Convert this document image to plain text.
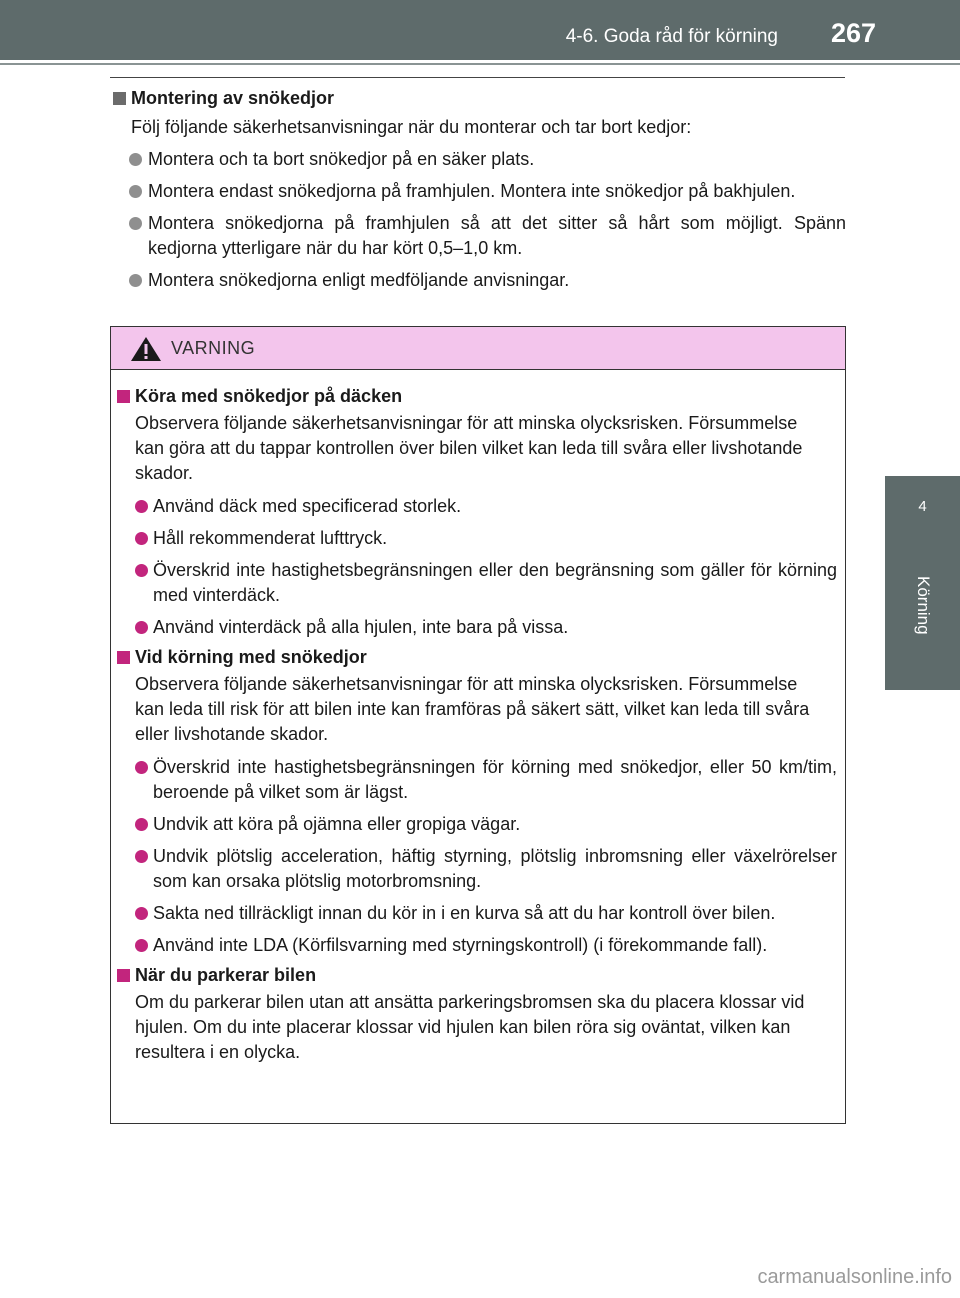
4-6. Goda råd för körning 267
4
Körning
Montering av snökedjor
Följ följande säkerhetsanvisningar när du monterar och tar bort kedjor:
Montera och ta bort snökedjor på en säker plats.
Montera endast snökedjorna på framhjulen. Montera inte snökedjor på bakhjulen.
Montera snökedjorna på framhjulen så att det sitter så hårt som möjligt. Spänn kedjorna ytterligare när du har kört 0,5–1,0 km.
Montera snökedjorna enligt medföljande anvisningar.
VARNING
Köra med snökedjor på däcken
Observera följande säkerhetsanvisningar för att minska olycksrisken. Försummelse kan göra att du tappar kontrollen över bilen vilket kan leda till svåra eller livshotande skador.
Använd däck med specificerad storlek.
Håll rekommenderat lufttryck.
Överskrid inte hastighetsbegränsningen eller den begränsning som gäller för körning med vinterdäck.
Använd vinterdäck på alla hjulen, inte bara på vissa.
Vid körning med snökedjor
Observera följande säkerhetsanvisningar för att minska olycksrisken. Försummelse kan leda till risk för att bilen inte kan framföras på säkert sätt, vilket kan leda till svåra eller livshotande skador.
Överskrid inte hastighetsbegränsningen för körning med snökedjor, eller 50 km/tim, beroende på vilket som är lägst.
Undvik att köra på ojämna eller gropiga vägar.
Undvik plötslig acceleration, häftig styrning, plötslig inbromsning eller växelrörelser som kan orsaka plötslig motorbromsning.
Sakta ned tillräckligt innan du kör in i en kurva så att du har kontroll över bilen.
Använd inte LDA (Körfilsvarning med styrningskontroll) (i förekommande fall).
När du parkerar bilen
Om du parkerar bilen utan att ansätta parkeringsbromsen ska du placera klossar vid hjulen. Om du inte placerar klossar vid hjulen kan bilen röra sig oväntat, vilken kan resultera i en olycka.
carmanualsonline.info
